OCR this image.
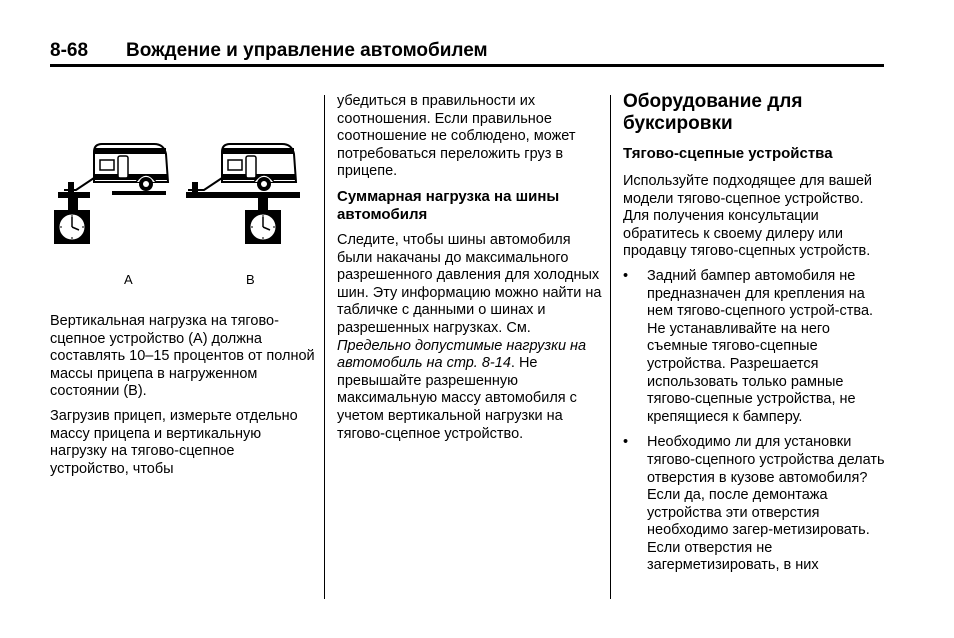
8-68 Вождение и управление автомобилем
A	B

Вертикальная нагрузка на тягово-сцепное устройство (A) должна составлять 10–15 процентов от полной массы прицепа в нагруженном состоянии (B).

Загрузив прицеп, измерьте отдельно массу прицепа и вертикальную нагрузку на тягово-сцепное устройство, чтобы

убедиться в правильности их соотношения. Если правильное соотношение не соблюдено, может потребоваться переложить груз в прицепе.

Суммарная нагрузка на шины автомобиля

Следите, чтобы шины автомобиля были накачаны до максимального разрешенного давления для холодных шин. Эту информацию можно найти на табличке с данными о шинах и разрешенных нагрузках. См. Предельно допустимые нагрузки на автомобиль на стр. 8-14. Не превышайте разрешенную максимальную массу автомобиля с учетом вертикальной нагрузки на тягово-сцепное устройство.

Оборудование для буксировки
Тягово-сцепные устройства

Используйте подходящее для вашей модели тягово-сцепное устройство. Для получения консультации обратитесь к своему дилеру или продавцу тягово-сцепных устройств.

• Задний бампер автомобиля не предназначен для крепления на нем тягово-сцепного устрой-ства. Не устанавливайте на него съемные тягово-сцепные устройства. Разрешается использовать только рамные тягово-сцепные устройства, не крепящиеся к бамперу.
• Необходимо ли для установки тягово-сцепного устройства делать отверстия в кузове автомобиля? Если да, после демонтажа устройства эти отверстия необходимо загер-метизировать. Если отверстия не загерметизировать, в них
